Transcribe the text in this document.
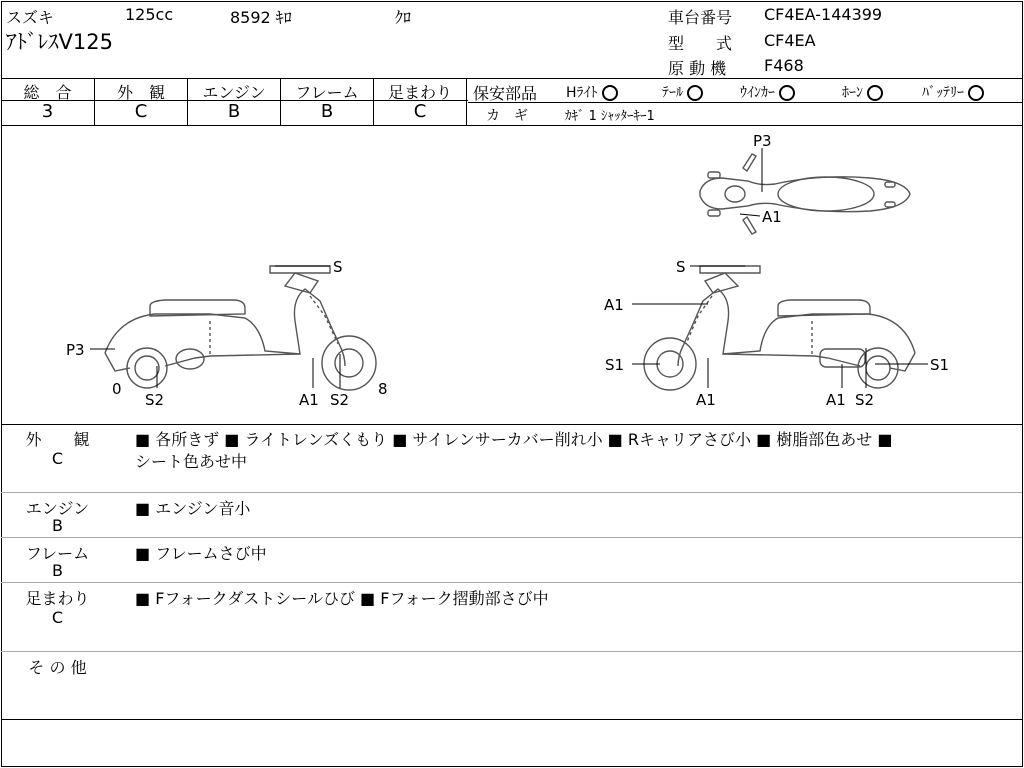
スズキ	125cc	8592 ｷﾛ	ｸﾛ
ｱﾄﾞﾚｽV125
車台番号 CF4EA-144399
型　　式 CF4EA
原 動 機 F468
総　合
3
外　観
C
エンジン
B
フレーム
B
足まわり
C
保安部品 Hﾗｲﾄ	ﾃｰﾙ	ｳｲﾝｶｰ	ﾎｰﾝ	ﾊﾞｯﾃﾘｰ
カ　ギ	ｶｷﾞ 1 ｼｬｯﾀｰｷｰ1
P3
A1
S
P3
0
S2	A1 S2
8
S
A1
S1
A1	A1 S2
S1
外　　観
C
■ 各所きず ■ ライトレンズくもり ■ サイレンサーカバー削れ小 ■ Rキャリアさび小 ■ 樹脂部色あせ ■
シート色あせ中
エンジン
B
■ エンジン音小
フレーム
B
■ フレームさび中
足まわり
C
■ Fフォークダストシールひび ■ Fフォーク摺動部さび中
そ の 他
